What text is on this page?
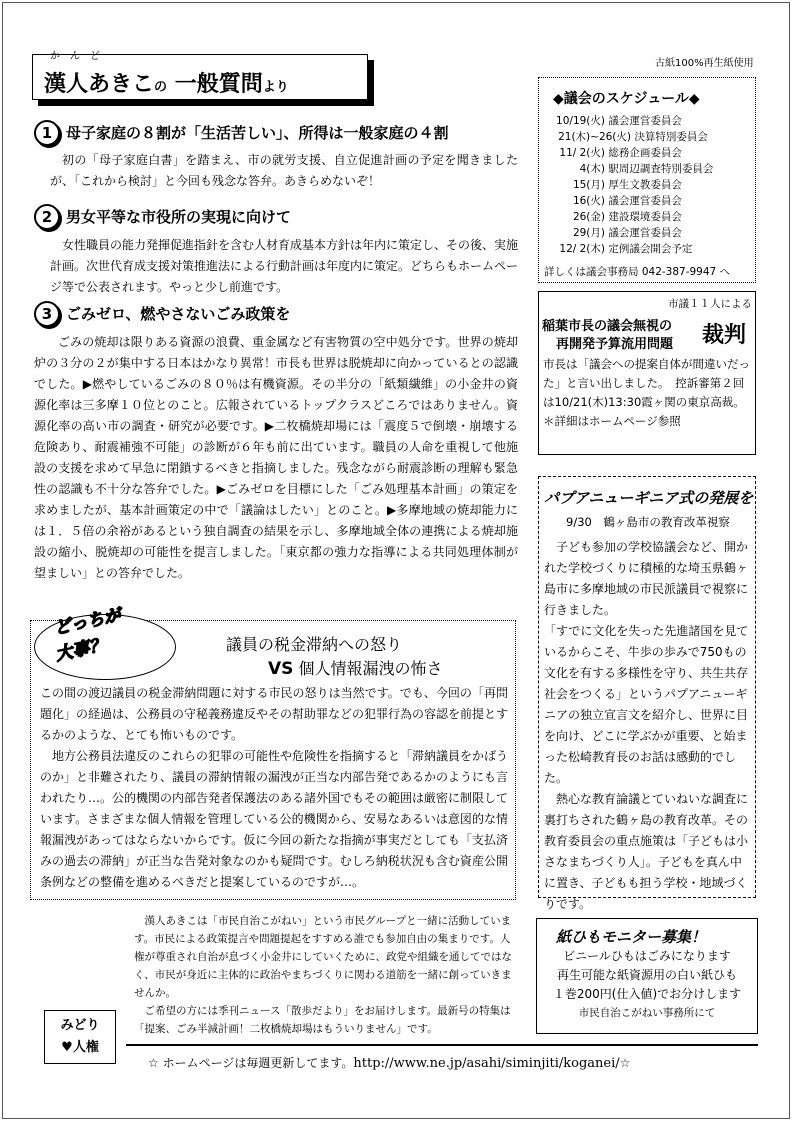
かんど
漢人あきこの 一般質問より
古紙100%再生紙使用
1 母子家庭の８割が「生活苦しい」、所得は一般家庭の４割

初の「母子家庭白書」を踏まえ、市の就労支援、自立促進計画の予定を聞きましたが、「これから検討」と今回も残念な答弁。あきらめないぞ！

2 男女平等な市役所の実現に向けて

女性職員の能力発揮促進指針を含む人材育成基本方針は年内に策定し、その後、実施計画。次世代育成支援対策推進法による行動計画は年度内に策定。どちらもホームページ等で公表されます。やっと少し前進です。

3 ごみゼロ、燃やさないごみ政策を

ごみの焼却は限りある資源の浪費、重金属など有害物質の空中処分です。世界の焼却炉の３分の２が集中する日本はかなり異常！市長も世界は脱焼却に向かっているとの認識でした。▶燃やしているごみの８０％は有機資源。その半分の「紙類繊維」の小金井の資源化率は三多摩１０位とのこと。広報されているトップクラスどころではありません。資源化率の高い市の調査・研究が必要です。▶二枚橋焼却場には「震度５で倒壊・崩壊する危険あり、耐震補強不可能」の診断が６年も前に出ています。職員の人命を重視して他施設の支援を求めて早急に閉鎖するべきと指摘しました。残念ながら耐震診断の理解も緊急性の認識も不十分な答弁でした。▶ごみゼロを目標にした「ごみ処理基本計画」の策定を求めましたが、基本計画策定の中で「議論はしたい」とのこと。▶多摩地域の焼却能力には１．５倍の余裕があるという独自調査の結果を示し、多摩地域全体の連携による焼却施設の縮小、脱焼却の可能性を提言しました。「東京都の強力な指導による共同処理体制が望ましい」との答弁でした。

◆議会のスケジュール◆
10/19(火) 議会運営委員会
21(木)~26(火) 決算特別委員会
11/ 2(火) 総務企画委員会
4(木) 駅周辺調査特別委員会
15(月) 厚生文教委員会
16(火) 議会運営委員会
26(金) 建設環境委員会
29(月) 議会運営委員会
12/ 2(木) 定例議会開会予定
詳しくは議会事務局 042-387-9947 へ
市議１１人による
稲葉市長の議会無視の
再開発予算流用問題 裁判
市長は「議会への提案自体が間違いだった」と言い出しました。　控訴審第２回は10/21(木)13:30霞ヶ関の東京高裁。　　＊詳細はホームページ参照
パプアニューギニア式の発展を
9/30　鶴ヶ島市の教育改革視察

子ども参加の学校協議会など、開かれた学校づくりに積極的な埼玉県鶴ヶ島市に多摩地域の市民派議員で視察に行きました。

「すでに文化を失った先進諸国を見ているからこそ、牛歩の歩みで750もの文化を有する多様性を守り、共生共存社会をつくる」というパプアニューギニアの独立宣言文を紹介し、世界に目を向け、どこに学ぶかが重要、と始まった松崎教育長のお話は感動的でした。

熱心な教育論議とていねいな調査に裏打ちされた鶴ヶ島の教育改革。その教育委員会の重点施策は「子どもは小さなまちづくり人」。子どもを真ん中に置き、子どもも担う学校・地域づくりです。

どっちが
大事？	議員の税金滞納への怒り
VS 個人情報漏洩の怖さ

この間の渡辺議員の税金滞納問題に対する市民の怒りは当然です。でも、今回の「再問題化」の経過は、公務員の守秘義務違反やその幇助罪などの犯罪行為の容認を前提とするかのような、とても怖いものです。

地方公務員法違反のこれらの犯罪の可能性や危険性を指摘すると「滞納議員をかばうのか」と非難されたり、議員の滞納情報の漏洩が正当な内部告発であるかのようにも言われたり…。公的機関の内部告発者保護法のある諸外国でもその範囲は厳密に制限しています。さまざまな個人情報を管理している公的機関から、安易なあるいは意図的な情報漏洩があってはならないからです。仮に今回の新たな指摘が事実だとしても「支払済みの過去の滞納」が正当な告発対象なのかも疑問です。むしろ納税状況も含む資産公開条例などの整備を進めるべきだと提案しているのですが…。

漢人あきこは「市民自治こがねい」という市民グループと一緒に活動しています。市民による政策提言や問題提起をすすめる誰でも参加自由の集まりです。人権が尊重され自治が息づく小金井にしていくために、政党や組織を通してではなく、市民が身近に主体的に政治やまちづくりに関わる道筋を一緒に創っていきませんか。

ご希望の方には季刊ニュース「散歩だより」をお届けします。最新号の特集は「提案、ごみ半減計画！二枚橋焼却場はもういりません」です。

みどり
♥人権
紙ひもモニター募集！

ビニールひもはごみになります

再生可能な紙資源用の白い紙ひも

１巻200円(仕入値)でお分けします

市民自治こがねい事務所にて

☆ ホームページは毎週更新してます。http://www.ne.jp/asahi/siminjiti/koganei/☆
